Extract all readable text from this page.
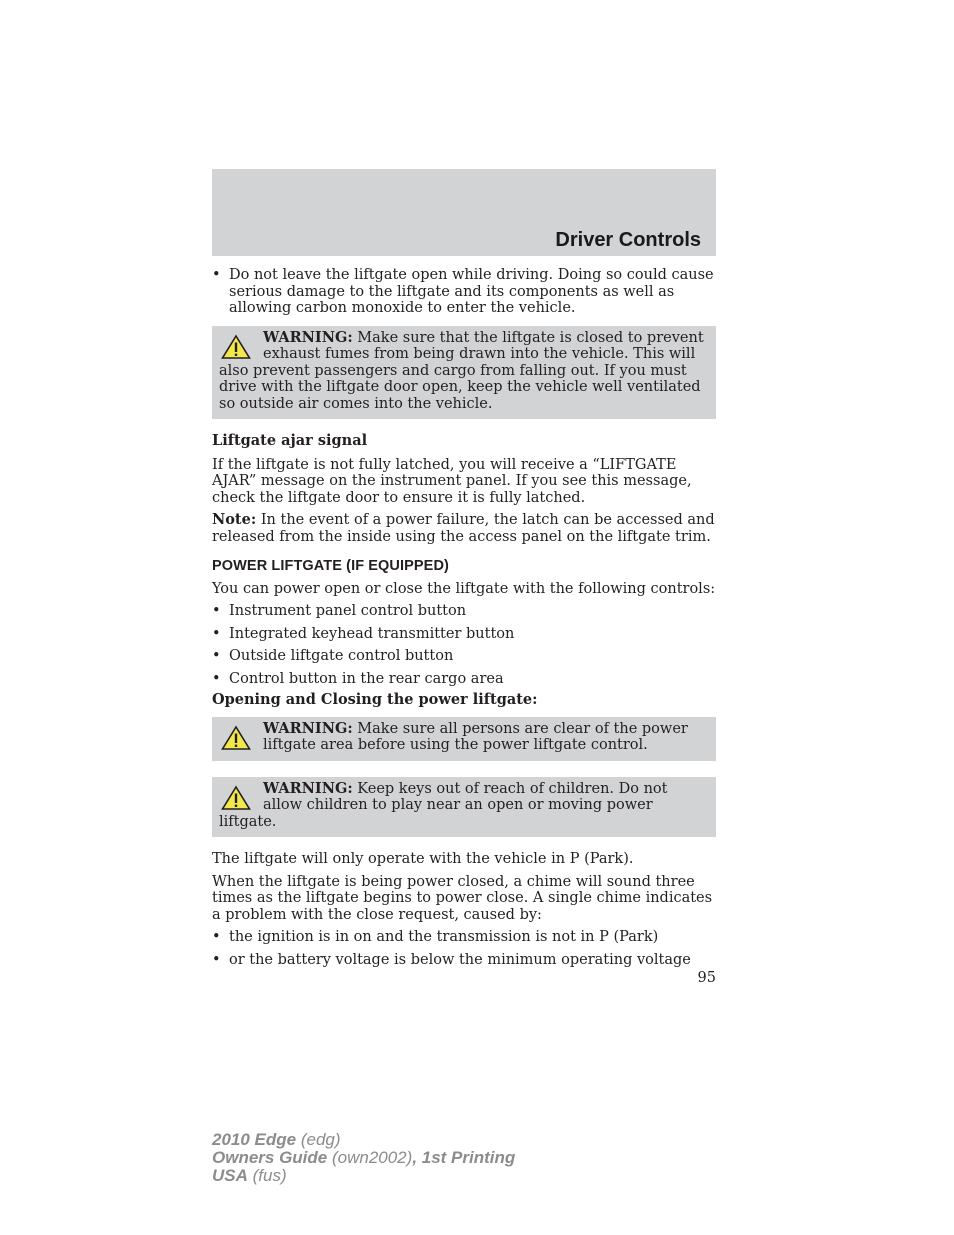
Driver Controls
• Do not leave the liftgate open while driving. Doing so could cause serious damage to the liftgate and its components as well as allowing carbon monoxide to enter the vehicle.
WARNING: Make sure that the liftgate is closed to prevent exhaust fumes from being drawn into the vehicle. This will also prevent passengers and cargo from falling out. If you must drive with the liftgate door open, keep the vehicle well ventilated so outside air comes into the vehicle.

Liftgate ajar signal

If the liftgate is not fully latched, you will receive a “LIFTGATE AJAR” message on the instrument panel. If you see this message, check the liftgate door to ensure it is fully latched.

Note: In the event of a power failure, the latch can be accessed and released from the inside using the access panel on the liftgate trim.

POWER LIFTGATE (IF EQUIPPED)

You can power open or close the liftgate with the following controls:

• Instrument panel control button
• Integrated keyhead transmitter button
• Outside liftgate control button
• Control button in the rear cargo area

Opening and Closing the power liftgate:

WARNING: Make sure all persons are clear of the power liftgate area before using the power liftgate control.
WARNING: Keep keys out of reach of children. Do not allow children to play near an open or moving power liftgate.

The liftgate will only operate with the vehicle in P (Park).

When the liftgate is being power closed, a chime will sound three times as the liftgate begins to power close. A single chime indicates a problem with the close request, caused by:

• the ignition is in on and the transmission is not in P (Park)
• or the battery voltage is below the minimum operating voltage

95

2010 Edge (edg)
Owners Guide (own2002), 1st Printing
USA (fus)
